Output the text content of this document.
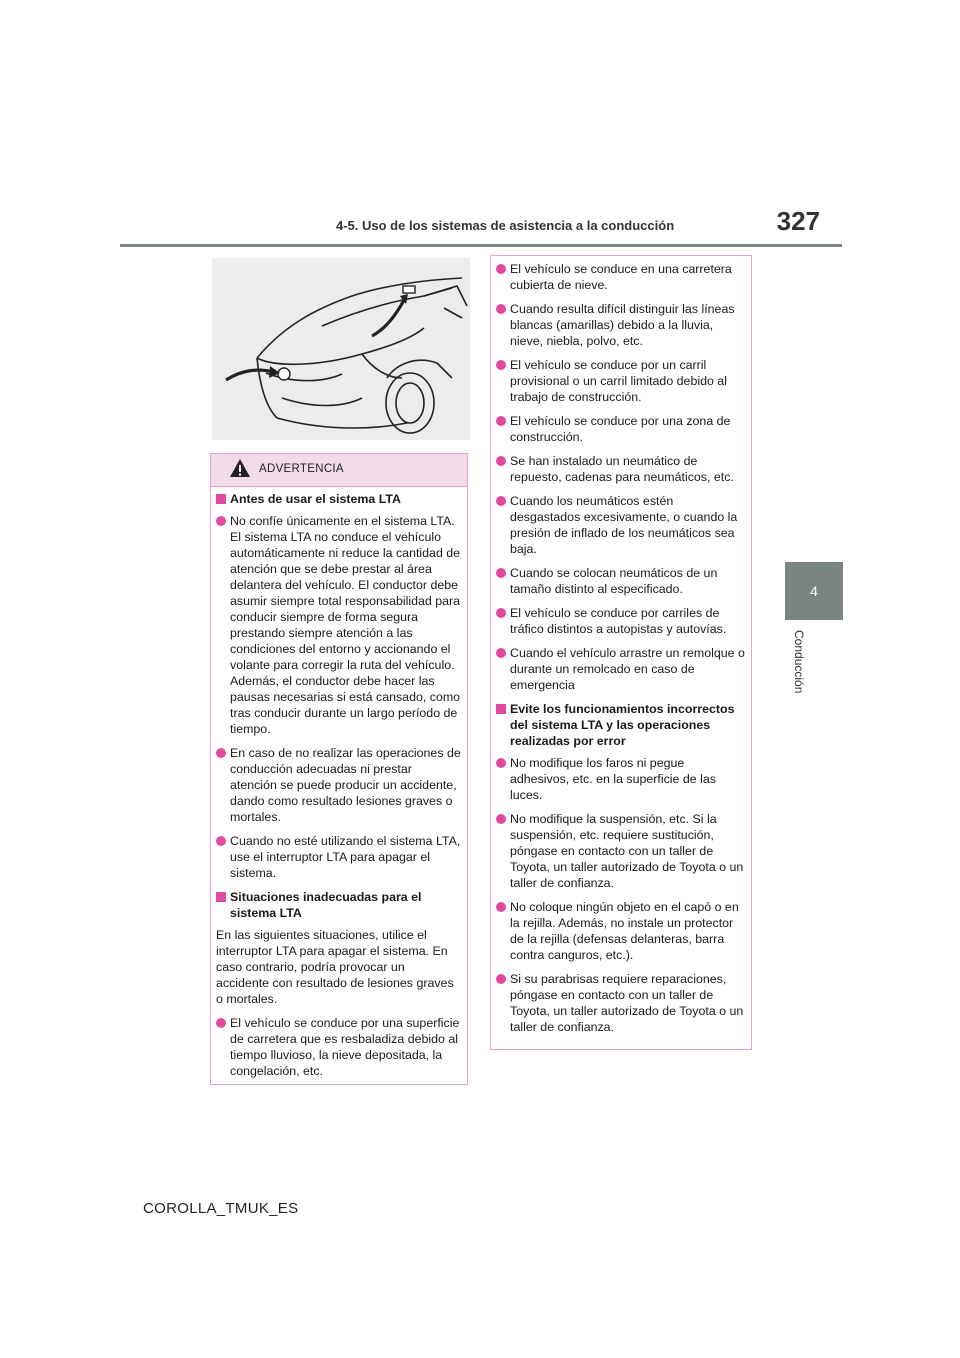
4-5. Uso de los sistemas de asistencia a la conducción	327
4
Conducción
ADVERTENCIA
Antes de usar el sistema LTA
No confíe únicamente en el sistema LTA. El sistema LTA no conduce el vehículo automáticamente ni reduce la cantidad de atención que se debe prestar al área delantera del vehículo. El conductor debe asumir siempre total responsabilidad para conducir siempre de forma segura prestando siempre atención a las condiciones del entorno y accionando el volante para corregir la ruta del vehículo. Además, el conductor debe hacer las pausas necesarias si está cansado, como tras conducir durante un largo período de tiempo.
En caso de no realizar las operaciones de conducción adecuadas ni prestar atención se puede producir un accidente, dando como resultado lesiones graves o mortales.
Cuando no esté utilizando el sistema LTA, use el interruptor LTA para apagar el sistema.
Situaciones inadecuadas para el sistema LTA
En las siguientes situaciones, utilice el interruptor LTA para apagar el sistema. En caso contrario, podría provocar un accidente con resultado de lesiones graves o mortales.
El vehículo se conduce por una superficie de carretera que es resbaladiza debido al tiempo lluvioso, la nieve depositada, la congelación, etc.
El vehículo se conduce en una carretera cubierta de nieve.
Cuando resulta difícil distinguir las líneas blancas (amarillas) debido a la lluvia, nieve, niebla, polvo, etc.
El vehículo se conduce por un carril provisional o un carril limitado debido al trabajo de construcción.
El vehículo se conduce por una zona de construcción.
Se han instalado un neumático de repuesto, cadenas para neumáticos, etc.
Cuando los neumáticos estén desgastados excesivamente, o cuando la presión de inflado de los neumáticos sea baja.
Cuando se colocan neumáticos de un tamaño distinto al especificado.
El vehículo se conduce por carriles de tráfico distintos a autopistas y autovías.
Cuando el vehículo arrastre un remolque o durante un remolcado en caso de emergencia
Evite los funcionamientos incorrectos del sistema LTA y las operaciones realizadas por error
No modifique los faros ni pegue adhesivos, etc. en la superficie de las luces.
No modifique la suspensión, etc. Si la suspensión, etc. requiere sustitución, póngase en contacto con un taller de Toyota, un taller autorizado de Toyota o un taller de confianza.
No coloque ningún objeto en el capó o en la rejilla. Además, no instale un protector de la rejilla (defensas delanteras, barra contra canguros, etc.).
Si su parabrisas requiere reparaciones, póngase en contacto con un taller de Toyota, un taller autorizado de Toyota o un taller de confianza.
COROLLA_TMUK_ES
